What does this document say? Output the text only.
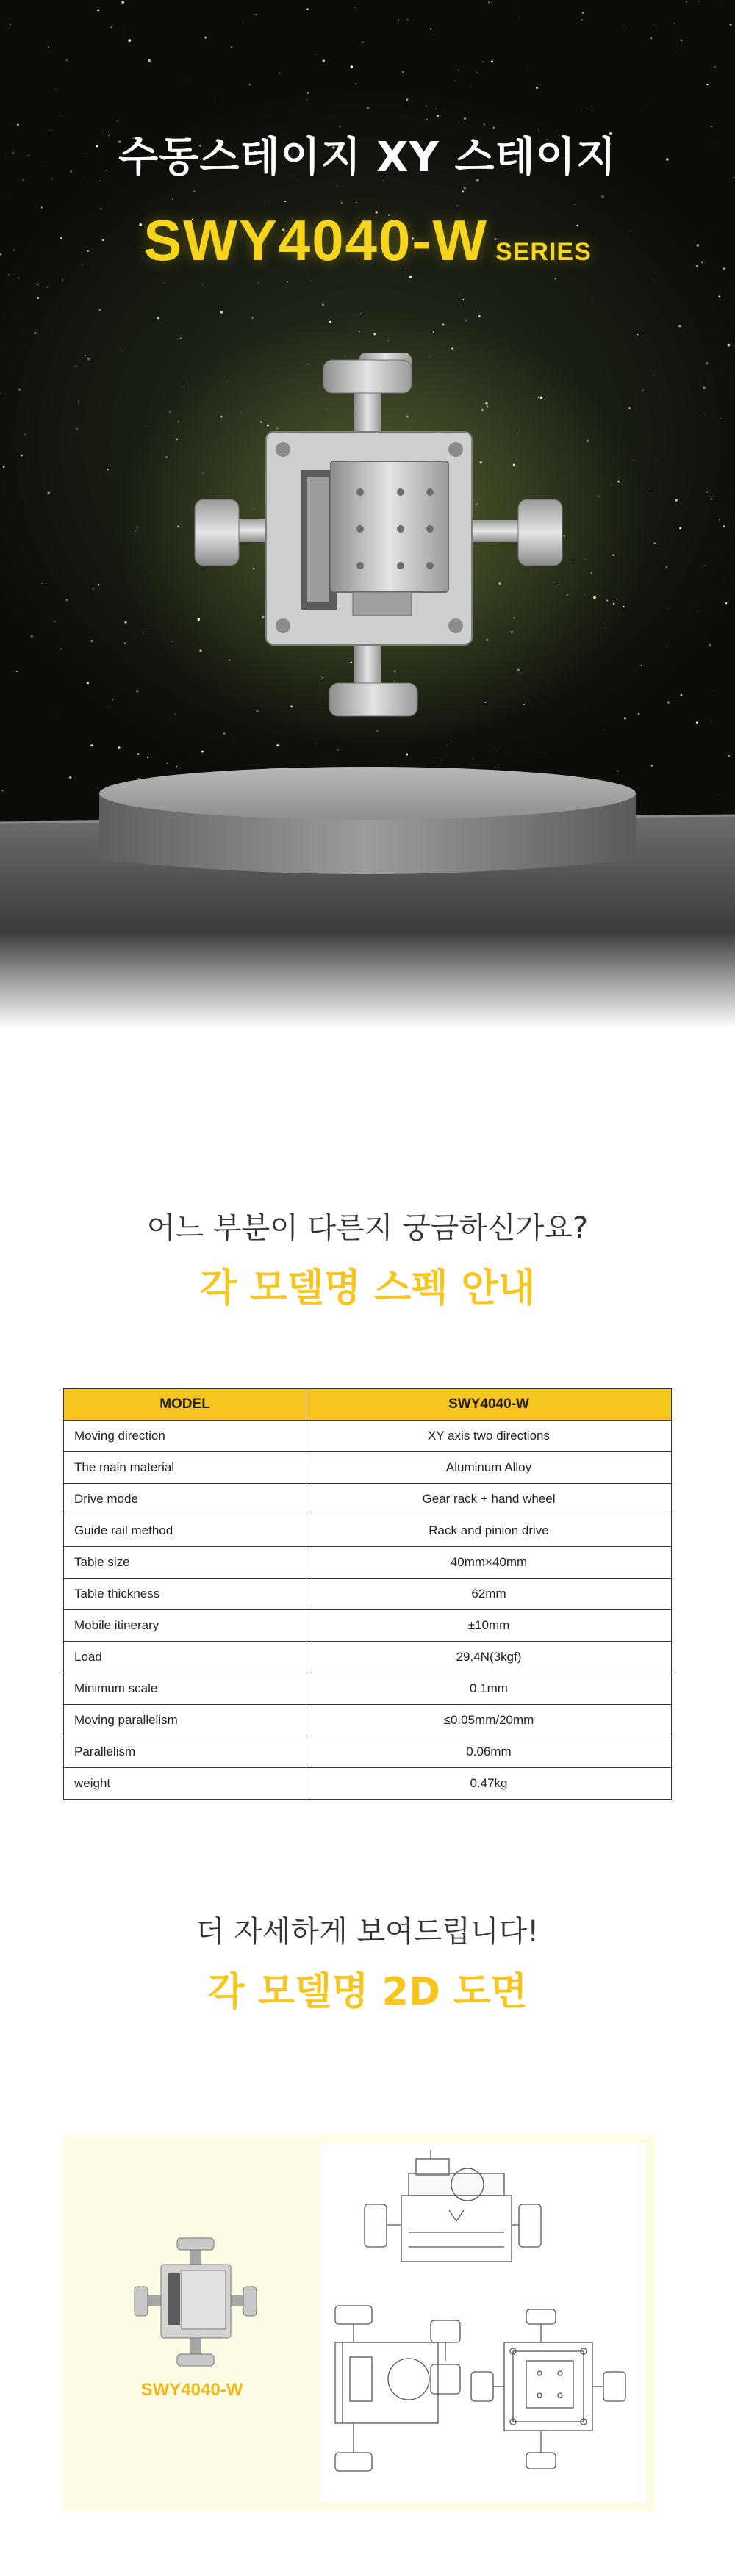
수동스테이지 XY 스테이지
SWY4040-W SERIES
어느 부분이 다른지 궁금하신가요?
각 모델명 스펙 안내
MODEL	SWY4040-W
Moving direction	XY axis two directions
The main material	Aluminum Alloy
Drive mode	Gear rack + hand wheel
Guide rail method	Rack and pinion drive
Table size	40mm×40mm
Table thickness	62mm
Mobile itinerary	±10mm
Load	29.4N(3kgf)
Minimum scale	0.1mm
Moving parallelism	≤0.05mm/20mm
Parallelism	0.06mm
weight	0.47kg
더 자세하게 보여드립니다!
각 모델명 2D 도면
SWY4040-W
